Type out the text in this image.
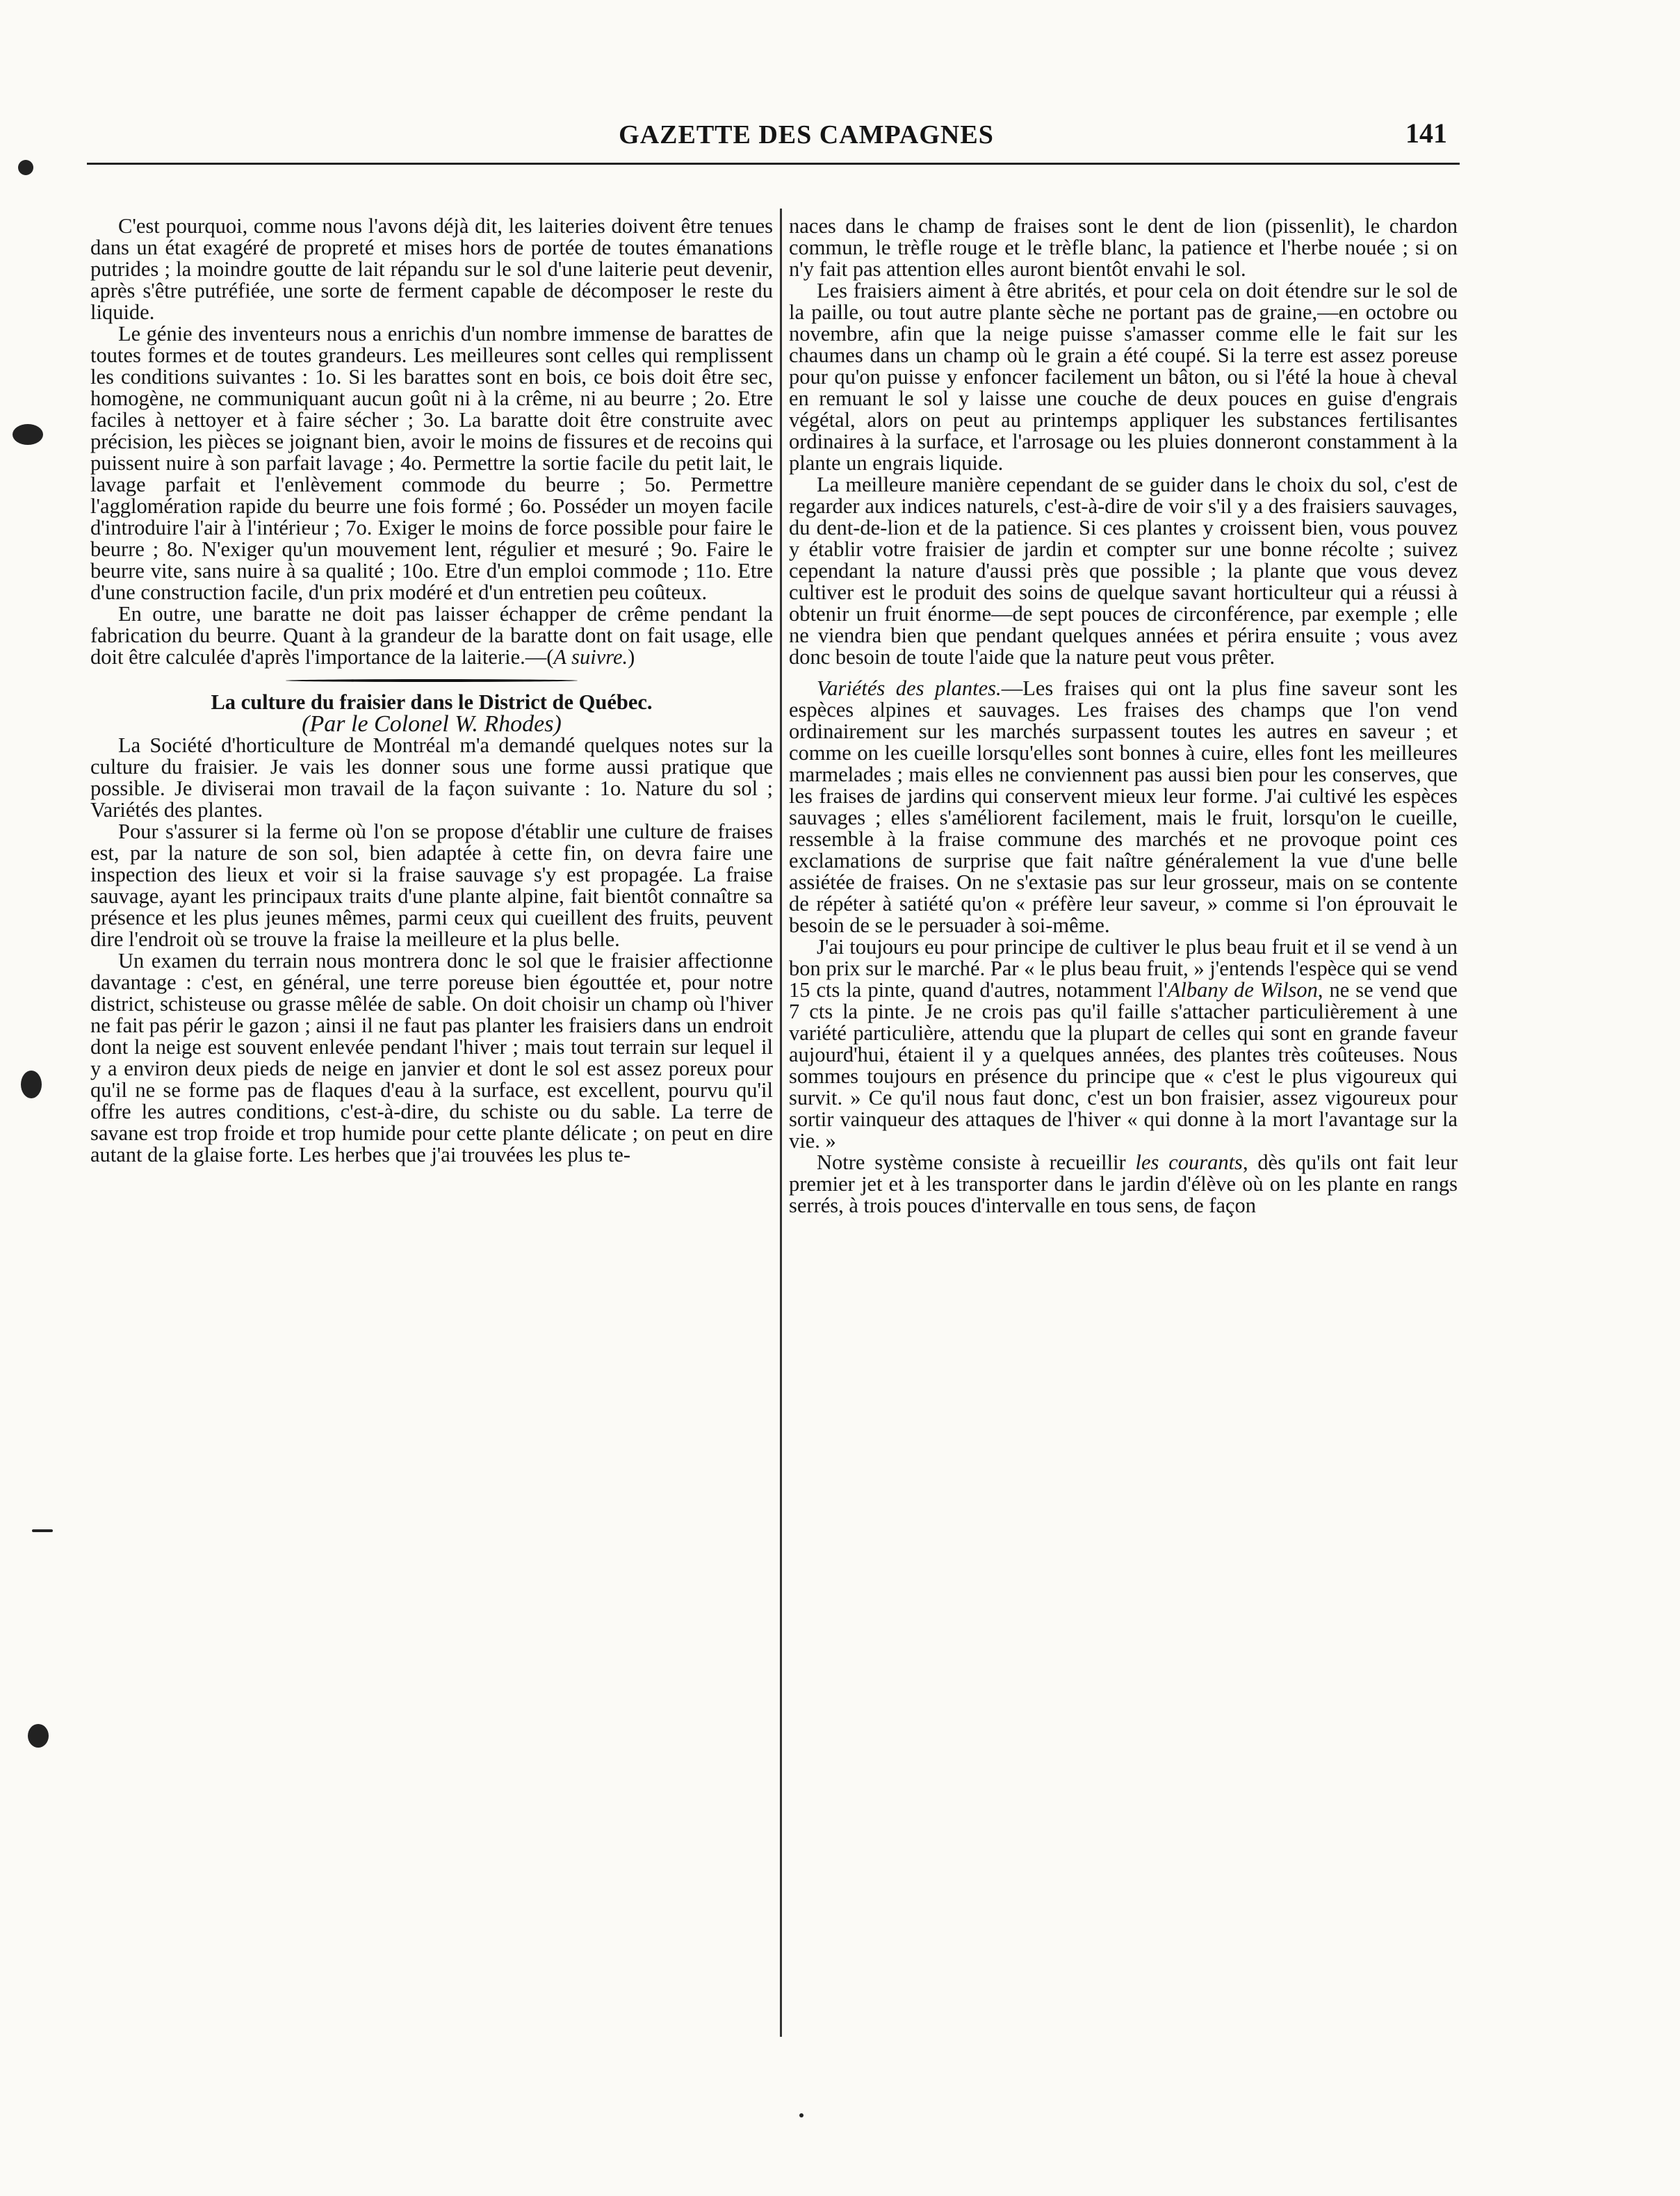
GAZETTE DES CAMPAGNES	141

C'est pourquoi, comme nous l'avons déjà dit, les laiteries doivent être tenues dans un état exagéré de propreté et mises hors de portée de toutes émanations putrides ; la moindre goutte de lait répandu sur le sol d'une laiterie peut devenir, après s'être putréfiée, une sorte de ferment capable de décomposer le reste du liquide.

Le génie des inventeurs nous a enrichis d'un nombre immense de barattes de toutes formes et de toutes grandeurs. Les meilleures sont celles qui remplissent les conditions suivantes : 1o. Si les barattes sont en bois, ce bois doit être sec, homogène, ne communiquant aucun goût ni à la crême, ni au beurre ; 2o. Etre faciles à nettoyer et à faire sécher ; 3o. La baratte doit être construite avec précision, les pièces se joignant bien, avoir le moins de fissures et de recoins qui puissent nuire à son parfait lavage ; 4o. Permettre la sortie facile du petit lait, le lavage parfait et l'enlèvement commode du beurre ; 5o. Permettre l'agglomération rapide du beurre une fois formé ; 6o. Posséder un moyen facile d'introduire l'air à l'intérieur ; 7o. Exiger le moins de force possible pour faire le beurre ; 8o. N'exiger qu'un mouvement lent, régulier et mesuré ; 9o. Faire le beurre vite, sans nuire à sa qualité ; 10o. Etre d'un emploi commode ; 11o. Etre d'une construction facile, d'un prix modéré et d'un entretien peu coûteux.

En outre, une baratte ne doit pas laisser échapper de crême pendant la fabrication du beurre. Quant à la grandeur de la baratte dont on fait usage, elle doit être calculée d'après l'importance de la laiterie.—(A suivre.)

La culture du fraisier dans le District de Québec.

(Par le Colonel W. Rhodes)

La Société d'horticulture de Montréal m'a demandé quelques notes sur la culture du fraisier. Je vais les donner sous une forme aussi pratique que possible. Je diviserai mon travail de la façon suivante : 1o. Nature du sol ; Variétés des plantes.

Pour s'assurer si la ferme où l'on se propose d'établir une culture de fraises est, par la nature de son sol, bien adaptée à cette fin, on devra faire une inspection des lieux et voir si la fraise sauvage s'y est propagée. La fraise sauvage, ayant les principaux traits d'une plante alpine, fait bientôt connaître sa présence et les plus jeunes mêmes, parmi ceux qui cueillent des fruits, peuvent dire l'endroit où se trouve la fraise la meilleure et la plus belle.

Un examen du terrain nous montrera donc le sol que le fraisier affectionne davantage : c'est, en général, une terre poreuse bien égouttée et, pour notre district, schisteuse ou grasse mêlée de sable. On doit choisir un champ où l'hiver ne fait pas périr le gazon ; ainsi il ne faut pas planter les fraisiers dans un endroit dont la neige est souvent enlevée pendant l'hiver ; mais tout terrain sur lequel il y a environ deux pieds de neige en janvier et dont le sol est assez poreux pour qu'il ne se forme pas de flaques d'eau à la surface, est excellent, pourvu qu'il offre les autres conditions, c'est-à-dire, du schiste ou du sable. La terre de savane est trop froide et trop humide pour cette plante délicate ; on peut en dire autant de la glaise forte. Les herbes que j'ai trouvées les plus te-

naces dans le champ de fraises sont le dent de lion (pissenlit), le chardon commun, le trèfle rouge et le trèfle blanc, la patience et l'herbe nouée ; si on n'y fait pas attention elles auront bientôt envahi le sol.

Les fraisiers aiment à être abrités, et pour cela on doit étendre sur le sol de la paille, ou tout autre plante sèche ne portant pas de graine,—en octobre ou novembre, afin que la neige puisse s'amasser comme elle le fait sur les chaumes dans un champ où le grain a été coupé. Si la terre est assez poreuse pour qu'on puisse y enfoncer facilement un bâton, ou si l'été la houe à cheval en remuant le sol y laisse une couche de deux pouces en guise d'engrais végétal, alors on peut au printemps appliquer les substances fertilisantes ordinaires à la surface, et l'arrosage ou les pluies donneront constamment à la plante un engrais liquide.

La meilleure manière cependant de se guider dans le choix du sol, c'est de regarder aux indices naturels, c'est-à-dire de voir s'il y a des fraisiers sauvages, du dent-de-lion et de la patience. Si ces plantes y croissent bien, vous pouvez y établir votre fraisier de jardin et compter sur une bonne récolte ; suivez cependant la nature d'aussi près que possible ; la plante que vous devez cultiver est le produit des soins de quelque savant horticulteur qui a réussi à obtenir un fruit énorme—de sept pouces de circonférence, par exemple ; elle ne viendra bien que pendant quelques années et périra ensuite ; vous avez donc besoin de toute l'aide que la nature peut vous prêter.

Variétés des plantes.—Les fraises qui ont la plus fine saveur sont les espèces alpines et sauvages. Les fraises des champs que l'on vend ordinairement sur les marchés surpassent toutes les autres en saveur ; et comme on les cueille lorsqu'elles sont bonnes à cuire, elles font les meilleures marmelades ; mais elles ne conviennent pas aussi bien pour les conserves, que les fraises de jardins qui conservent mieux leur forme. J'ai cultivé les espèces sauvages ; elles s'améliorent facilement, mais le fruit, lorsqu'on le cueille, ressemble à la fraise commune des marchés et ne provoque point ces exclamations de surprise que fait naître généralement la vue d'une belle assiétée de fraises. On ne s'extasie pas sur leur grosseur, mais on se contente de répéter à satiété qu'on « préfère leur saveur, » comme si l'on éprouvait le besoin de se le persuader à soi-même.

J'ai toujours eu pour principe de cultiver le plus beau fruit et il se vend à un bon prix sur le marché. Par « le plus beau fruit, » j'entends l'espèce qui se vend 15 cts la pinte, quand d'autres, notamment l'Albany de Wilson, ne se vend que 7 cts la pinte. Je ne crois pas qu'il faille s'attacher particulièrement à une variété particulière, attendu que la plupart de celles qui sont en grande faveur aujourd'hui, étaient il y a quelques années, des plantes très coûteuses. Nous sommes toujours en présence du principe que « c'est le plus vigoureux qui survit. » Ce qu'il nous faut donc, c'est un bon fraisier, assez vigoureux pour sortir vainqueur des attaques de l'hiver « qui donne à la mort l'avantage sur la vie. »

Notre système consiste à recueillir les courants, dès qu'ils ont fait leur premier jet et à les transporter dans le jardin d'élève où on les plante en rangs serrés, à trois pouces d'intervalle en tous sens, de façon
